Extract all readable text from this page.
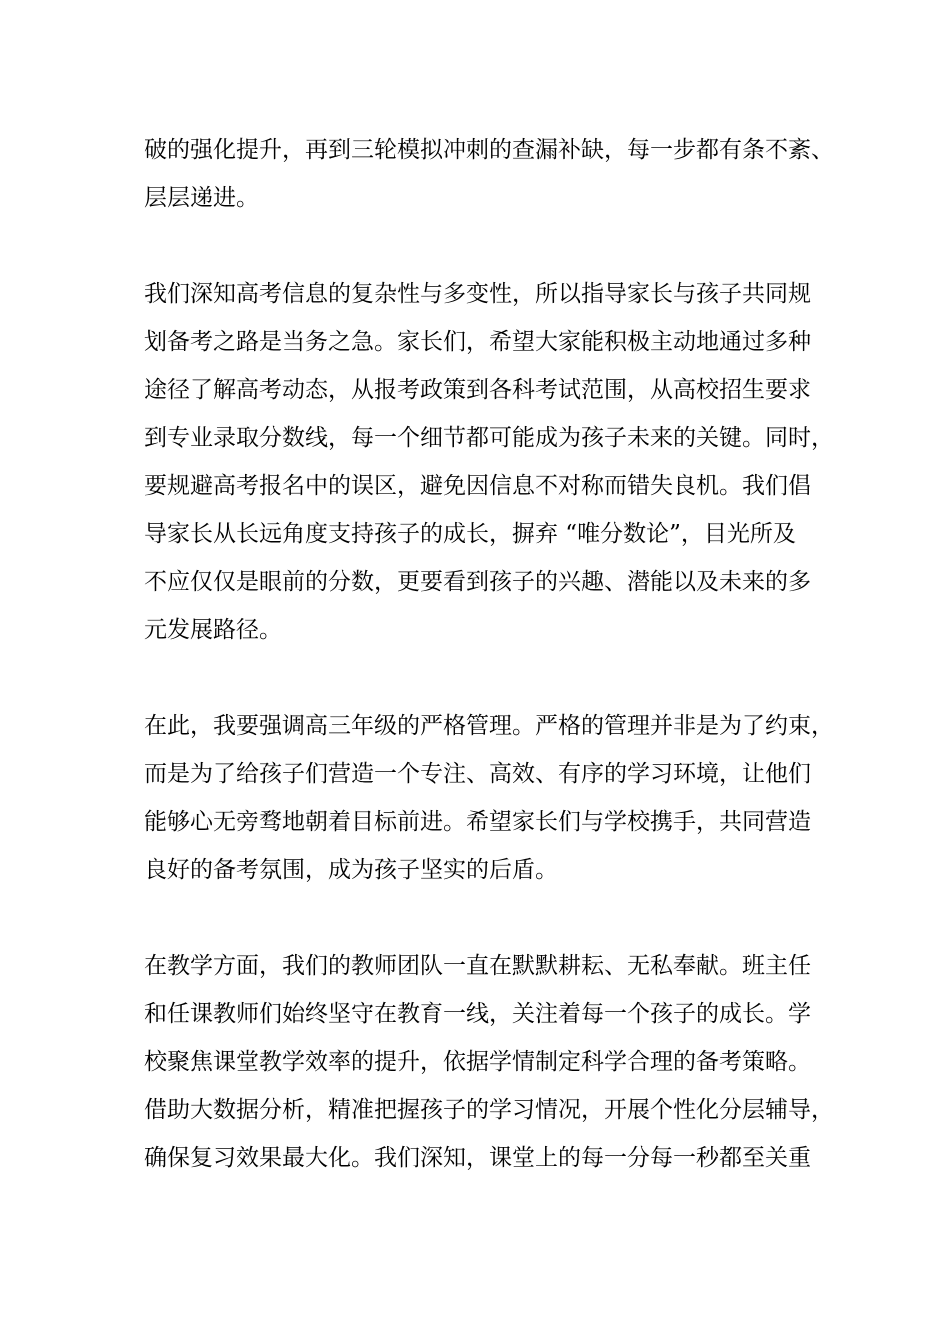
破的强化提升，再到三轮模拟冲刺的查漏补缺，每一步都有条不紊、
层层递进。

我们深知高考信息的复杂性与多变性，所以指导家长与孩子共同规
划备考之路是当务之急。家长们，希望大家能积极主动地通过多种
途径了解高考动态，从报考政策到各科考试范围，从高校招生要求
到专业录取分数线，每一个细节都可能成为孩子未来的关键。同时，
要规避高考报名中的误区，避免因信息不对称而错失良机。我们倡
导家长从长远角度支持孩子的成长，摒弃 “唯分数论”，目光所及
不应仅仅是眼前的分数，更要看到孩子的兴趣、潜能以及未来的多
元发展路径。

在此，我要强调高三年级的严格管理。严格的管理并非是为了约束，
而是为了给孩子们营造一个专注、高效、有序的学习环境，让他们
能够心无旁骛地朝着目标前进。希望家长们与学校携手，共同营造
良好的备考氛围，成为孩子坚实的后盾。

在教学方面，我们的教师团队一直在默默耕耘、无私奉献。班主任
和任课教师们始终坚守在教育一线，关注着每一个孩子的成长。学
校聚焦课堂教学效率的提升，依据学情制定科学合理的备考策略。
借助大数据分析，精准把握孩子的学习情况，开展个性化分层辅导，
确保复习效果最大化。我们深知，课堂上的每一分每一秒都至关重
